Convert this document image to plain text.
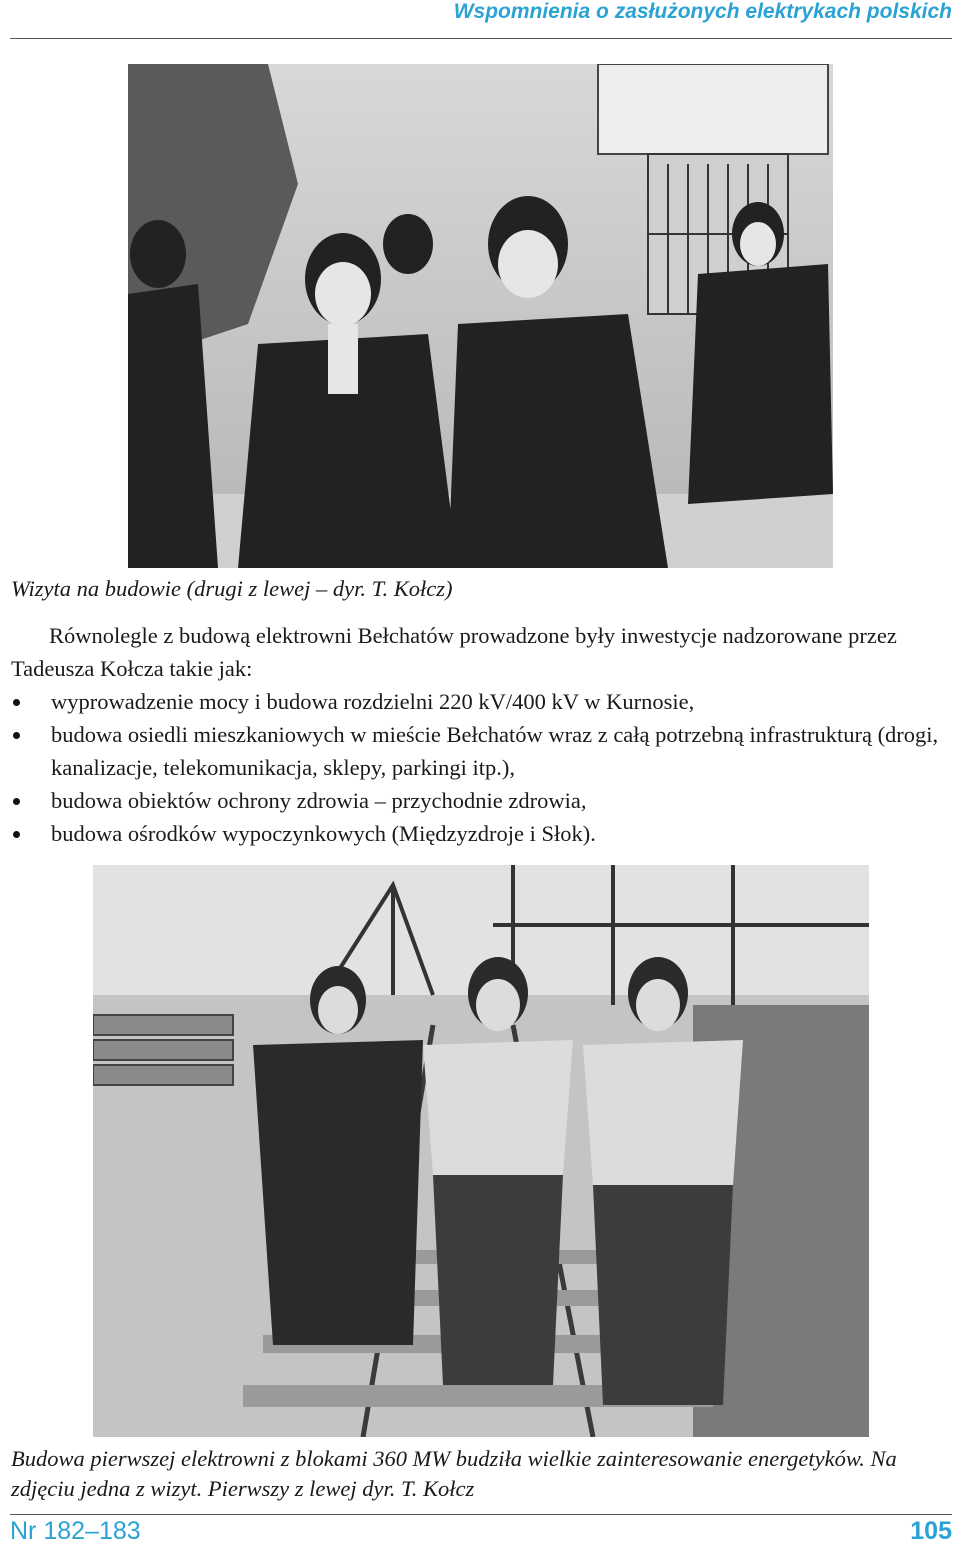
Wspomnienia o zasłużonych elektrykach polskich
Wizyta na budowie (drugi z lewej – dyr. T. Kołcz)

Równolegle z budową elektrowni Bełchatów prowadzone były inwestycje nadzorowane przez Tadeusza Kołcza takie jak:

wyprowadzenie mocy i budowa rozdzielni 220 kV/400 kV w Kurnosie,
budowa osiedli mieszkaniowych w mieście Bełchatów wraz z całą potrzebną infrastrukturą (drogi, kanalizacje, telekomunikacja, sklepy, parkingi itp.),
budowa obiektów ochrony zdrowia – przychodnie zdrowia,
budowa ośrodków wypoczynkowych (Międzyzdroje i Słok).
Budowa pierwszej elektrowni z blokami 360 MW budziła wielkie zainteresowanie energetyków. Na zdjęciu jedna z wizyt. Pierwszy z lewej dyr. T. Kołcz
Nr 182–183	105
